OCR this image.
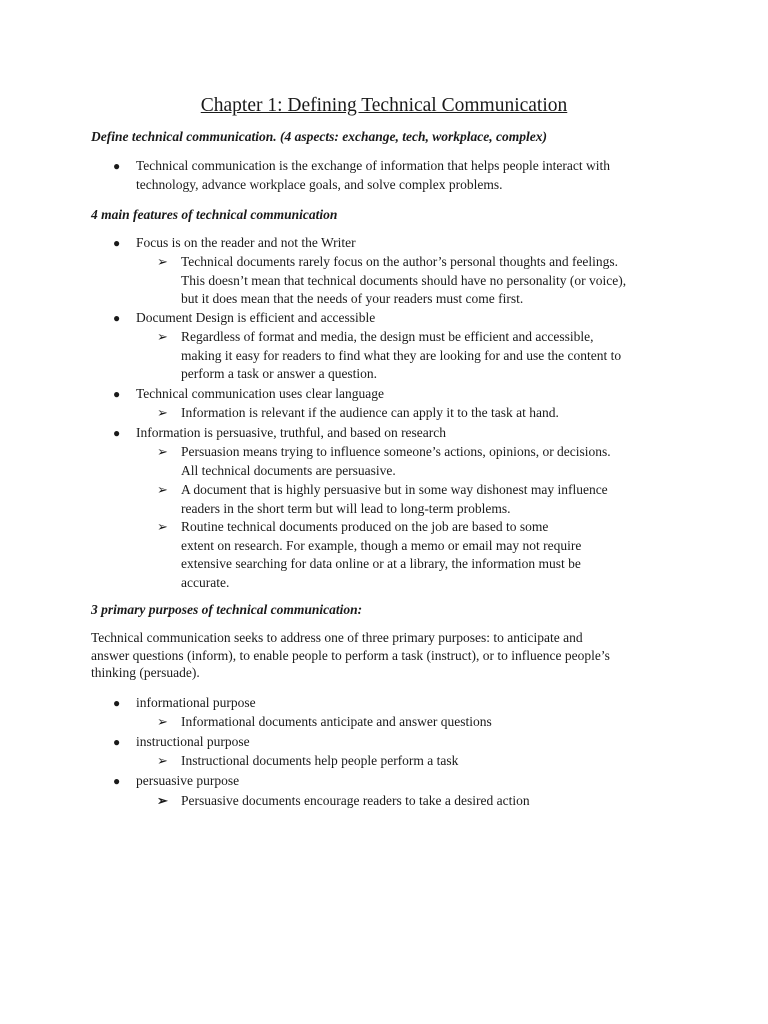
Chapter 1: Defining Technical Communication
Define technical communication. (4 aspects: exchange, tech, workplace, complex)
● Technical communication is the exchange of information that helps people interact with
technology, advance workplace goals, and solve complex problems.
4 main features of technical communication
● Focus is on the reader and not the Writer
➢ Technical documents rarely focus on the author’s personal thoughts and feelings.
This doesn’t mean that technical documents should have no personality (or voice),
but it does mean that the needs of your readers must come first.
● Document Design is efficient and accessible
➢ Regardless of format and media, the design must be efficient and accessible,
making it easy for readers to find what they are looking for and use the content to
perform a task or answer a question.
● Technical communication uses clear language
➢ Information is relevant if the audience can apply it to the task at hand.
● Information is persuasive, truthful, and based on research
➢ Persuasion means trying to influence someone’s actions, opinions, or decisions.
All technical documents are persuasive.
➢ A document that is highly persuasive but in some way dishonest may influence
readers in the short term but will lead to long-term problems.
➢ Routine technical documents produced on the job are based to some
extent on research. For example, though a memo or email may not require
extensive searching for data online or at a library, the information must be
accurate.
3 primary purposes of technical communication:
Technical communication seeks to address one of three primary purposes: to anticipate and
answer questions (inform), to enable people to perform a task (instruct), or to influence people’s
thinking (persuade).
● informational purpose
➢ Informational documents anticipate and answer questions
● instructional purpose
➢ Instructional documents help people perform a task
● persuasive purpose
➢ Persuasive documents encourage readers to take a desired action
